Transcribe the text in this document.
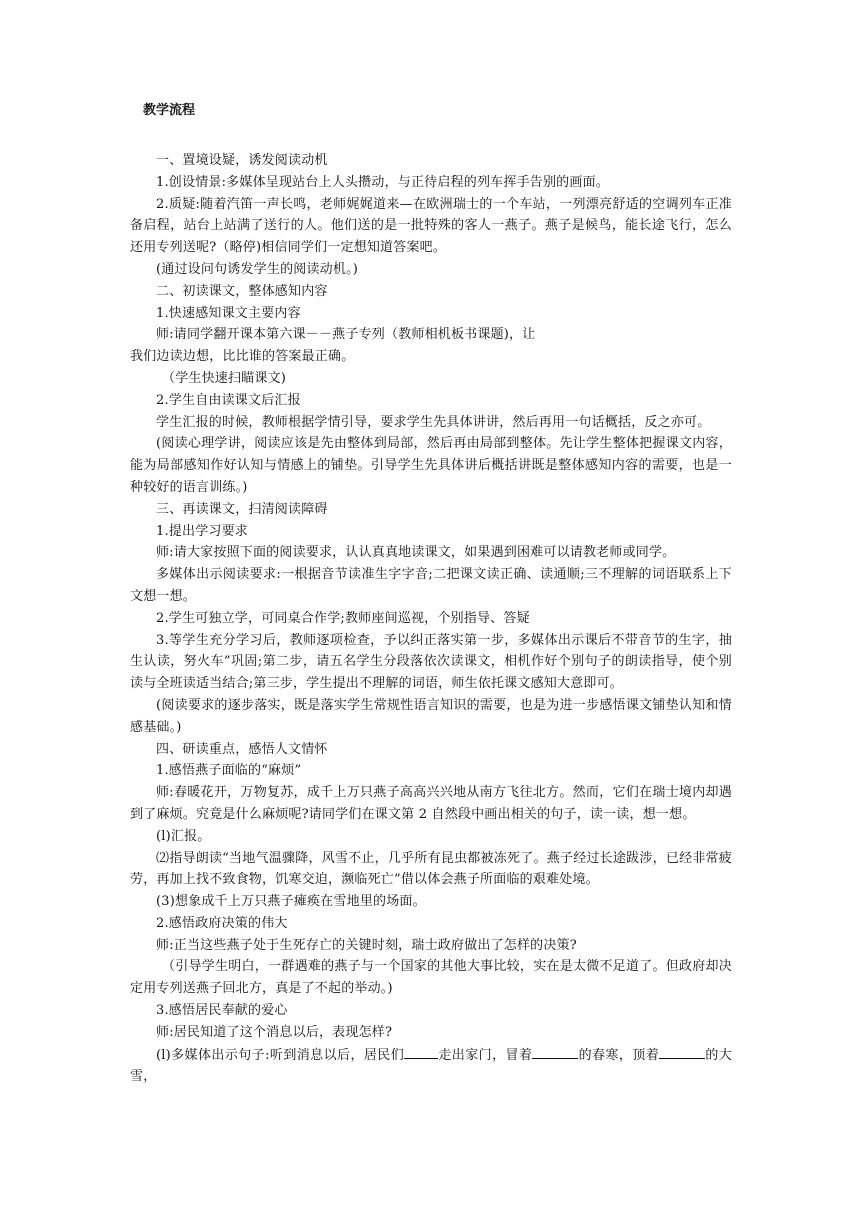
教学流程

一、置境设疑，诱发阅读动机

1.创设情景:多媒体呈现站台上人头攒动，与正待启程的列车挥手告别的画面。

2.质疑:随着汽笛一声长鸣，老师娓娓道来—在欧洲瑞士的一个车站，一列漂亮舒适的空调列车正准备启程，站台上站满了送行的人。他们送的是一批特殊的客人一燕子。燕子是候鸟，能长途飞行，怎么还用专列送呢?（略停)相信同学们一定想知道答案吧。

(通过设问句诱发学生的阅读动机。)

二、初读课文，整体感知内容

1.快速感知课文主要内容

师:请同学翻开课本第六课－－燕子专列（教师相机板书课题)，让

我们边读边想，比比谁的答案最正确。

（学生快速扫瞄课文)

2.学生自由读课文后汇报

学生汇报的时候，教师根据学情引导，要求学生先具体讲讲，然后再用一句话概括，反之亦可。

(阅读心理学讲，阅读应该是先由整体到局部，然后再由局部到整体。先让学生整体把握课文内容，能为局部感知作好认知与情感上的铺垫。引导学生先具体讲后概括讲既是整体感知内容的需要，也是一种较好的语言训练。)

三、再读课文，扫清阅读障碍

1.提出学习要求

师:请大家按照下面的阅读要求，认认真真地读课文，如果遇到困难可以请教老师或同学。

多媒体出示阅读要求:一根据音节读准生字字音;二把课文读正确、读通顺;三不理解的词语联系上下文想一想。

2.学生可独立学，可同桌合作学;教师座间巡视，个别指导、答疑

3.等学生充分学习后，教师逐项检查，予以纠正落实第一步，多媒体出示课后不带音节的生字，抽生认读，努火车”巩固;第二步，请五名学生分段落依次读课文，相机作好个别句子的朗读指导，使个别读与全班读适当结合;第三步，学生提出不理解的词语，师生依托课文感知大意即可。

(阅读要求的逐步落实，既是落实学生常规性语言知识的需要，也是为进一步感悟课文铺垫认知和情感基础。)

四、研读重点，感悟人文情怀

1.感悟燕子面临的“麻烦”

师:春暖花开，万物复苏，成千上万只燕子高高兴兴地从南方飞往北方。然而，它们在瑞士境内却遇到了麻烦。究竟是什么麻烦呢?请同学们在课文第 2 自然段中画出相关的句子，读一读，想一想。

(l)汇报。

⑵指导朗读“当地气温骤降，风雪不止，几乎所有昆虫都被冻死了。燕子经过长途跋涉，已经非常疲劳，再加上找不致食物，饥寒交迫，濒临死亡”借以体会燕子所面临的艰难处境。

(3)想象成千上万只燕子瘫痪在雪地里的场面。

2.感悟政府决策的伟大

师:正当这些燕子处于生死存亡的关键时刻，瑞士政府做出了怎样的决策?

（引导学生明白，一群遇难的燕子与一个国家的其他大事比较，实在是太微不足道了。但政府却决定用专列送燕子回北方，真是了不起的举动。)

3.感悟居民奉献的爱心

师:居民知道了这个消息以后，表现怎样?

(l)多媒体出示句子:听到消息以后，居民们	走出家门，冒着	的春寒，顶着	的大雪，
